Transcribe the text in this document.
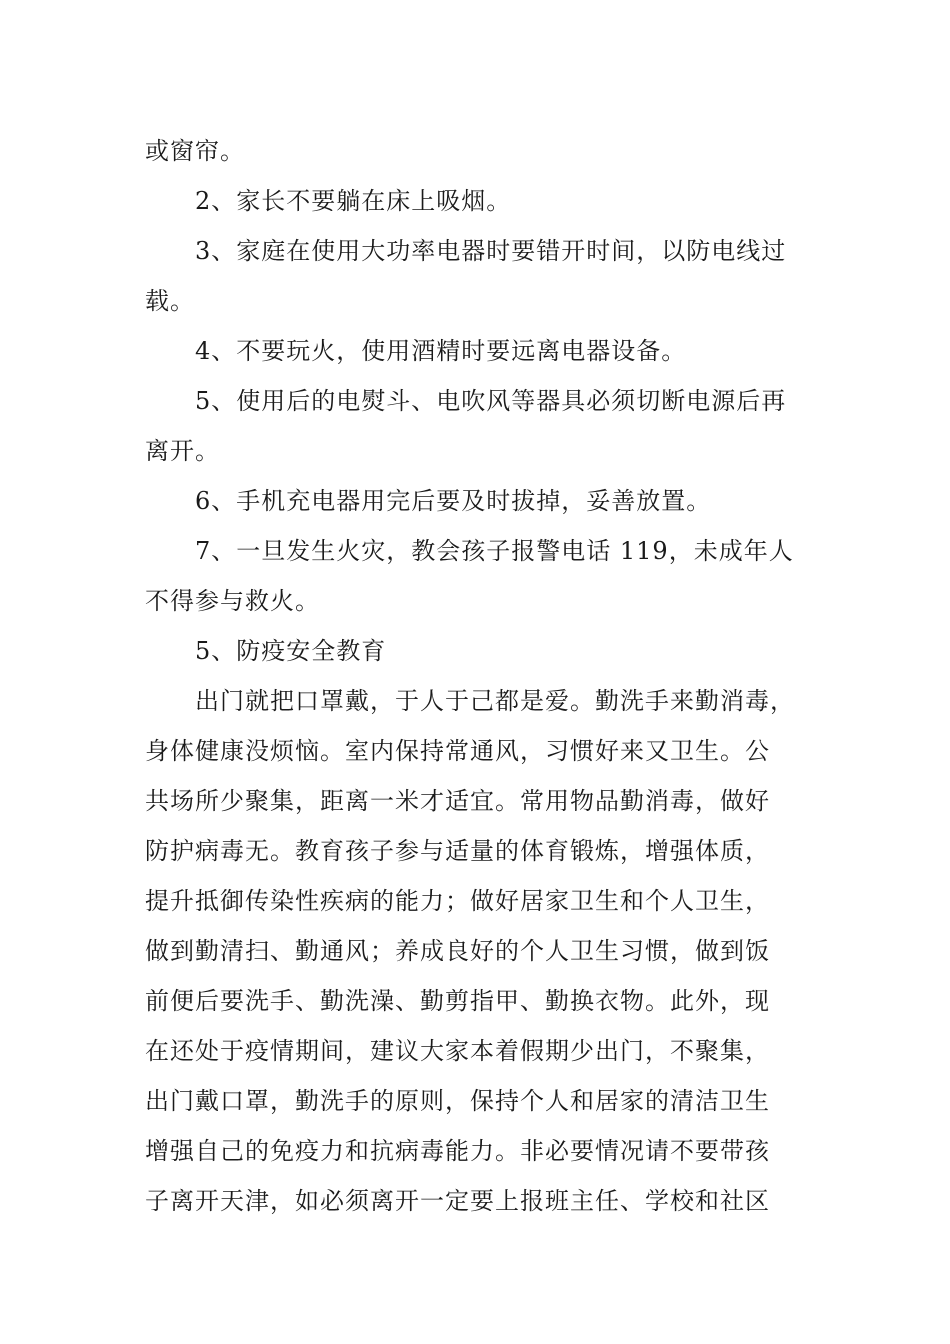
或窗帘。
2、家长不要躺在床上吸烟。
3、家庭在使用大功率电器时要错开时间，以防电线过
载。
4、不要玩火，使用酒精时要远离电器设备。
5、使用后的电熨斗、电吹风等器具必须切断电源后再
离开。
6、手机充电器用完后要及时拔掉，妥善放置。
7、一旦发生火灾，教会孩子报警电话 119，未成年人
不得参与救火。
5、防疫安全教育
出门就把口罩戴，于人于己都是爱。勤洗手来勤消毒，
身体健康没烦恼。室内保持常通风，习惯好来又卫生。公
共场所少聚集，距离一米才适宜。常用物品勤消毒，做好
防护病毒无。教育孩子参与适量的体育锻炼，增强体质，
提升抵御传染性疾病的能力；做好居家卫生和个人卫生，
做到勤清扫、勤通风；养成良好的个人卫生习惯，做到饭
前便后要洗手、勤洗澡、勤剪指甲、勤换衣物。此外，现
在还处于疫情期间，建议大家本着假期少出门，不聚集，
出门戴口罩，勤洗手的原则，保持个人和居家的清洁卫生
增强自己的免疫力和抗病毒能力。非必要情况请不要带孩
子离开天津，如必须离开一定要上报班主任、学校和社区
